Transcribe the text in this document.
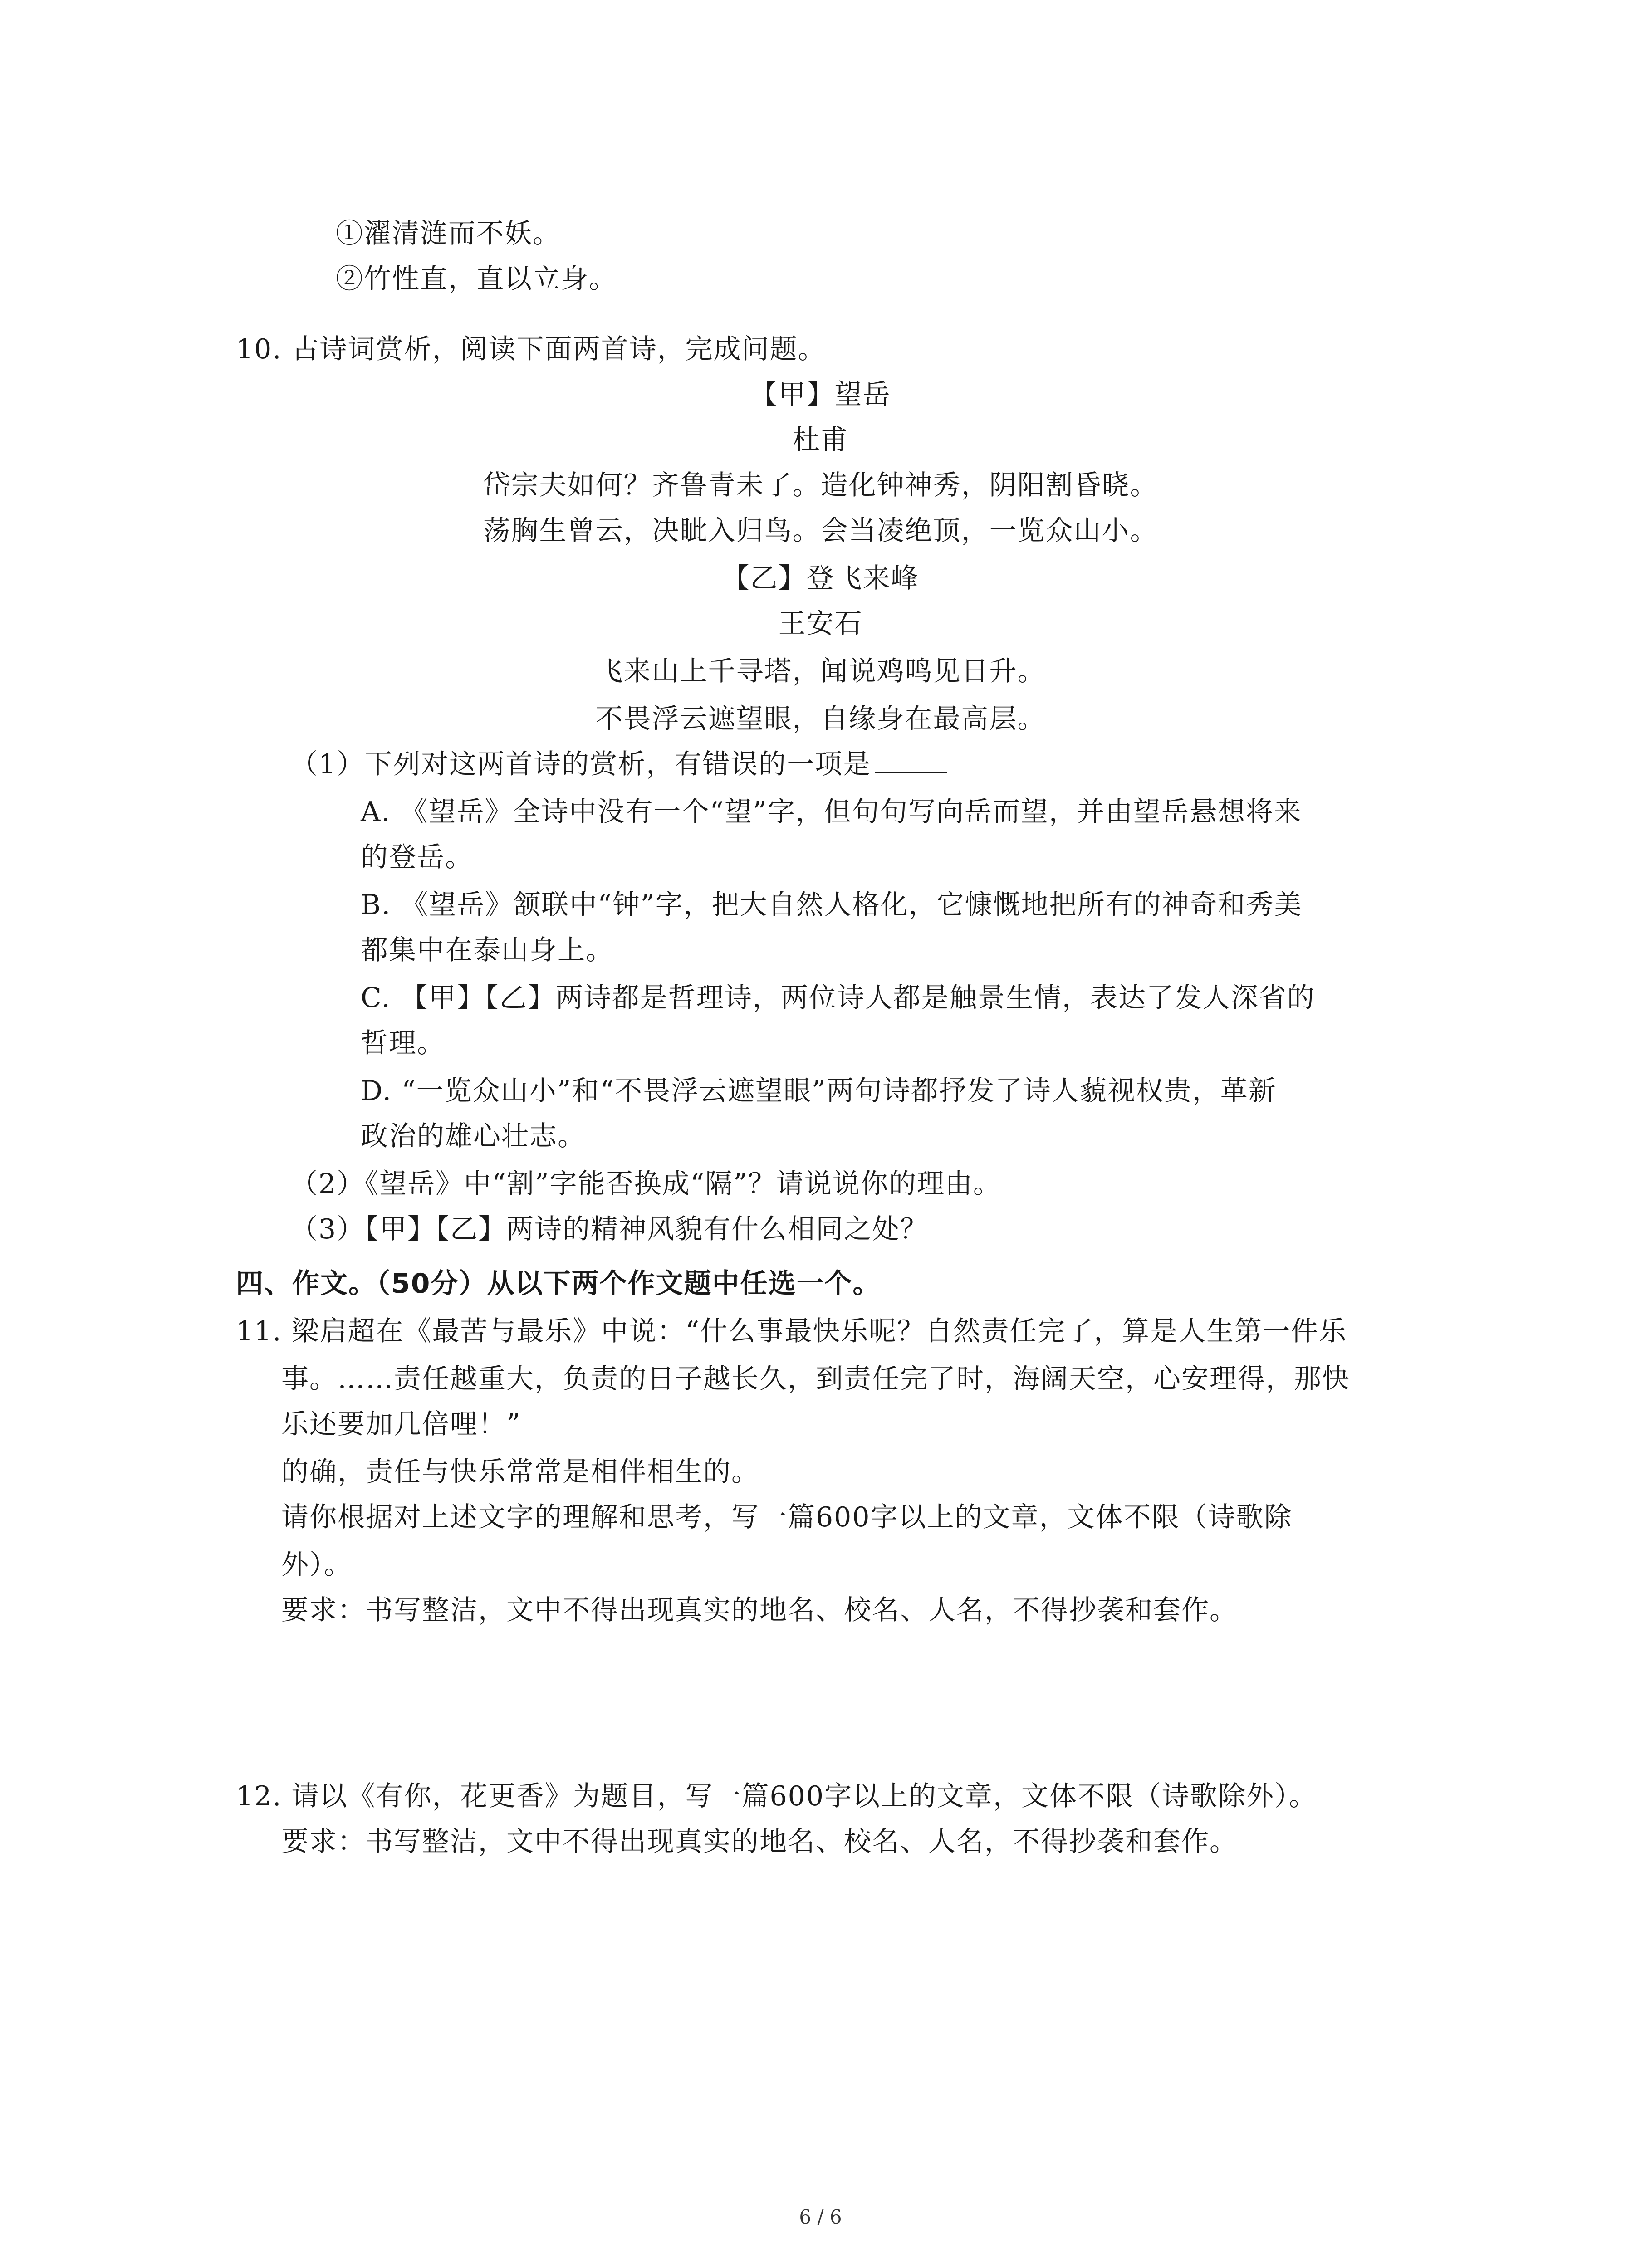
①濯清涟而不妖。
②竹性直，直以立身。
10. 古诗词赏析，阅读下面两首诗，完成问题。
【甲】望岳
杜甫
岱宗夫如何？齐鲁青未了。造化钟神秀，阴阳割昏晓。
荡胸生曾云，决眦入归鸟。会当凌绝顶，一览众山小。
【乙】登飞来峰
王安石
飞来山上千寻塔，闻说鸡鸣见日升。
不畏浮云遮望眼，自缘身在最高层。
（1）下列对这两首诗的赏析，有错误的一项是
A. 《望岳》全诗中没有一个“望”字，但句句写向岳而望，并由望岳悬想将来
的登岳。
B. 《望岳》颔联中“钟”字，把大自然人格化，它慷慨地把所有的神奇和秀美
都集中在泰山身上。
C. 【甲】【乙】两诗都是哲理诗，两位诗人都是触景生情，表达了发人深省的
哲理。
D. “一览众山小”和“不畏浮云遮望眼”两句诗都抒发了诗人藐视权贵，革新
政治的雄心壮志。
（2）《望岳》中“割”字能否换成“隔”？请说说你的理由。
（3）【甲】【乙】两诗的精神风貌有什么相同之处？
四、作文。（50分）从以下两个作文题中任选一个。
11. 梁启超在《最苦与最乐》中说：“什么事最快乐呢？自然责任完了，算是人生第一件乐
事。……责任越重大，负责的日子越长久，到责任完了时，海阔天空，心安理得，那快
乐还要加几倍哩！”
的确，责任与快乐常常是相伴相生的。
请你根据对上述文字的理解和思考，写一篇600字以上的文章，文体不限（诗歌除
外）。
要求：书写整洁，文中不得出现真实的地名、校名、人名，不得抄袭和套作。
12. 请以《有你，花更香》为题目，写一篇600字以上的文章，文体不限（诗歌除外）。
要求：书写整洁，文中不得出现真实的地名、校名、人名，不得抄袭和套作。
6 / 6
